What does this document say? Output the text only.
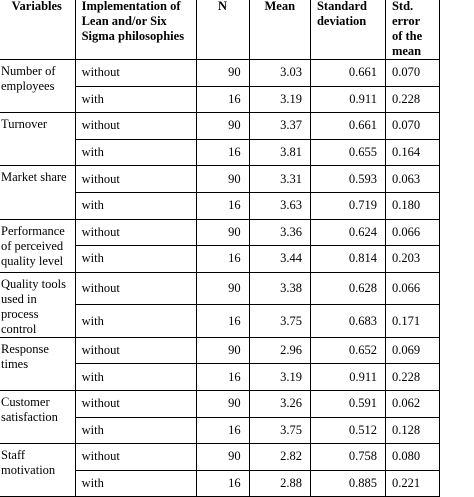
Variables	Implementation of Lean and/or Six Sigma philosophies	N	Mean	Standard deviation	Std. error of the mean
Number of employees	without	90	3.03	0.661	0.070
	with	16	3.19	0.911	0.228
Turnover	without	90	3.37	0.661	0.070
	with	16	3.81	0.655	0.164
Market share	without	90	3.31	0.593	0.063
	with	16	3.63	0.719	0.180
Performance of perceived quality level	without	90	3.36	0.624	0.066
	with	16	3.44	0.814	0.203
Quality tools used in process control	without	90	3.38	0.628	0.066
	with	16	3.75	0.683	0.171
Response times	without	90	2.96	0.652	0.069
	with	16	3.19	0.911	0.228
Customer satisfaction	without	90	3.26	0.591	0.062
	with	16	3.75	0.512	0.128
Staff motivation	without	90	2.82	0.758	0.080
	with	16	2.88	0.885	0.221
